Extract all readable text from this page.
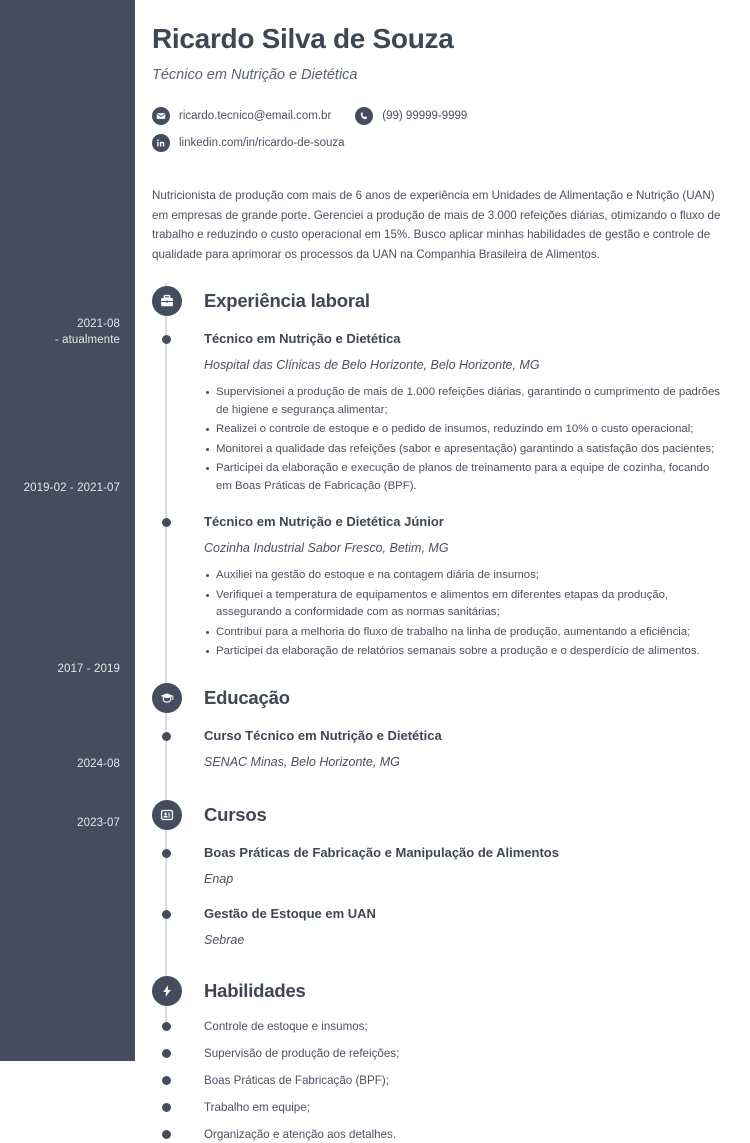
2021-08
- atualmente
2019-02 - 2021-07
2017 - 2019
2024-08
2023-07
Ricardo Silva de Souza
Técnico em Nutrição e Dietética
ricardo.tecnico@email.com.br	(99) 99999-9999
linkedin.com/in/ricardo-de-souza
Nutricionista de produção com mais de 6 anos de experiência em Unidades de Alimentação e Nutrição (UAN) em empresas de grande porte. Gerenciei a produção de mais de 3.000 refeições diárias, otimizando o fluxo de trabalho e reduzindo o custo operacional em 15%. Busco aplicar minhas habilidades de gestão e controle de qualidade para aprimorar os processos da UAN na Companhia Brasileira de Alimentos.
Experiência laboral
Técnico em Nutrição e Dietética
Hospital das Clínicas de Belo Horizonte, Belo Horizonte, MG
Supervisionei a produção de mais de 1.000 refeições diárias, garantindo o cumprimento de padrões de higiene e segurança alimentar;
Realizei o controle de estoque e o pedido de insumos, reduzindo em 10% o custo operacional;
Monitorei a qualidade das refeições (sabor e apresentação) garantindo a satisfação dos pacientes;
Participei da elaboração e execução de planos de treinamento para a equipe de cozinha, focando em Boas Práticas de Fabricação (BPF).
Técnico em Nutrição e Dietética Júnior
Cozinha Industrial Sabor Fresco, Betim, MG
Auxiliei na gestão do estoque e na contagem diária de insumos;
Verifiquei a temperatura de equipamentos e alimentos em diferentes etapas da produção, assegurando a conformidade com as normas sanitárias;
Contribuí para a melhoria do fluxo de trabalho na linha de produção, aumentando a eficiência;
Participei da elaboração de relatórios semanais sobre a produção e o desperdício de alimentos.
Educação
Curso Técnico em Nutrição e Dietética
SENAC Minas, Belo Horizonte, MG
Cursos
Boas Práticas de Fabricação e Manipulação de Alimentos
Enap
Gestão de Estoque em UAN
Sebrae
Habilidades
Controle de estoque e insumos;
Supervisão de produção de refeições;
Boas Práticas de Fabricação (BPF);
Trabalho em equipe;
Organização e atenção aos detalhes.
